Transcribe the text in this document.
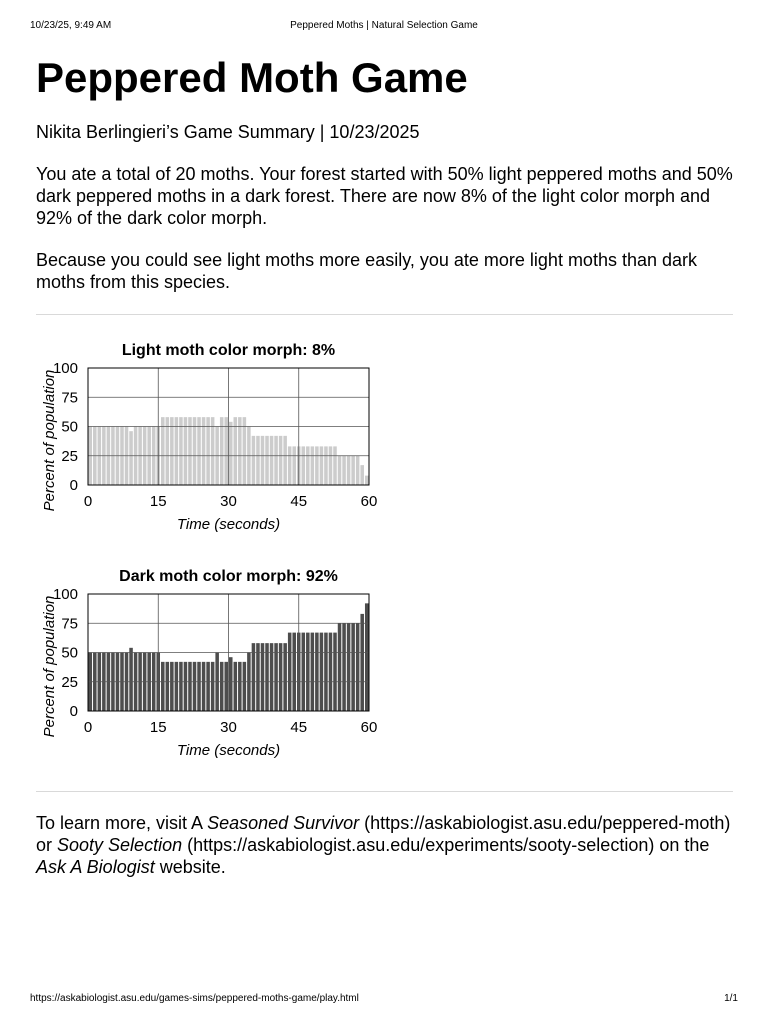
10/23/25, 9:49 AM	Peppered Moths | Natural Selection Game
Peppered Moth Game
Nikita Berlingieri’s Game Summary | 10/23/2025

You ate a total of 20 moths. Your forest started with 50% light peppered moths and 50% dark peppered moths in a dark forest. There are now 8% of the light color morph and 92% of the dark color morph.

Because you could see light moths more easily, you ate more light moths than dark moths from this species.

Light moth color morph: 8%
0
25
50
75
100
0	15	30	45	60
Time (seconds)
Percent of population
Dark moth color morph: 92%
0
25
50
75
100
0	15	30	45	60
Time (seconds)
Percent of population

To learn more, visit A Seasoned Survivor (https://askabiologist.asu.edu/peppered-moth) or Sooty Selection (https://askabiologist.asu.edu/experiments/sooty-selection) on the Ask A Biologist website.

https://askabiologist.asu.edu/games-sims/peppered-moths-game/play.html	1/1
